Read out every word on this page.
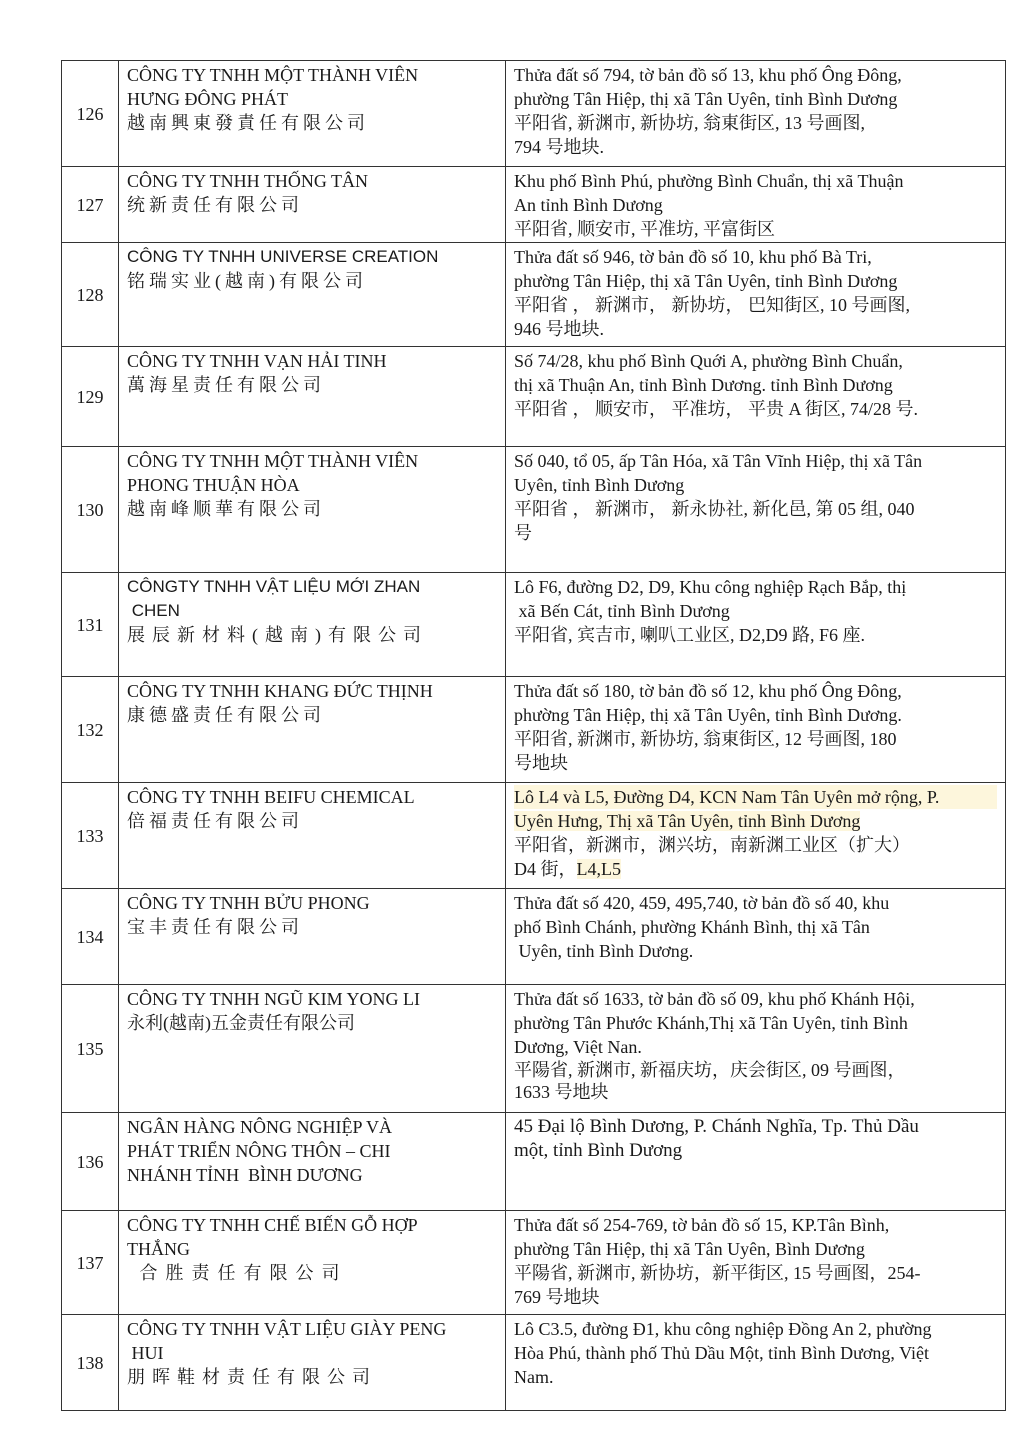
126	CÔNG TY TNHH MỘT THÀNH VIÊN
HƯNG ĐÔNG PHÁT
越南興東發責任有限公司	Thửa đất số 794, tờ bản đồ số 13, khu phố Ông Đông,
phường Tân Hiệp, thị xã Tân Uyên, tỉnh Bình Dương
平阳省, 新渊市, 新协坊, 翁東街区, 13 号画图,
794 号地块.

127	CÔNG TY TNHH THỐNG TÂN
统新责任有限公司	Khu phố Bình Phú, phường Bình Chuẩn, thị xã Thuận
An tỉnh Bình Dương
平阳省, 顺安市, 平准坊, 平富街区

128	CÔNG TY TNHH UNIVERSE CREATION
铭瑞实业(越南)有限公司	Thửa đất số 946, tờ bản đồ số 10, khu phố Bà Tri,
phường Tân Hiệp, thị xã Tân Uyên, tỉnh Bình Dương
平阳省 ， 新渊市， 新协坊， 巴知街区, 10 号画图,
946 号地块.

129	CÔNG TY TNHH VẠN HẢI TINH
萬海星责任有限公司	Số 74/28, khu phố Bình Quới A, phường Bình Chuẩn,
thị xã Thuận An, tỉnh Bình Dương. tỉnh Bình Dương
平阳省 ， 顺安市， 平准坊， 平贵 A 街区, 74/28 号.

130	CÔNG TY TNHH MỘT THÀNH VIÊN
PHONG THUẬN HÒA
越南峰顺華有限公司	Số 040, tổ 05, ấp Tân Hóa, xã Tân Vĩnh Hiệp, thị xã Tân
Uyên, tỉnh Bình Dương
平阳省 ， 新渊市， 新永协社, 新化邑, 第 05 组, 040
号

131	CÔNGTY TNHH VẬT LIỆU MỚI ZHAN
CHEN
展辰新材料(越南)有限公司	Lô F6, đường D2, D9, Khu công nghiệp Rạch Bắp, thị
xã Bến Cát, tỉnh Bình Dương
平阳省, 宾吉市, 喇叭工业区, D2,D9 路, F6 座.

132	CÔNG TY TNHH KHANG ĐỨC THỊNH
康德盛责任有限公司	Thửa đất số 180, tờ bản đồ số 12, khu phố Ông Đông,
phường Tân Hiệp, thị xã Tân Uyên, tỉnh Bình Dương.
平阳省, 新渊市, 新协坊, 翁東街区, 12 号画图, 180
号地块

133	CÔNG TY TNHH BEIFU CHEMICAL
倍福责任有限公司	Lô L4 và L5, Đường D4, KCN Nam Tân Uyên mở rộng, P.
Uyên Hưng, Thị xã Tân Uyên, tỉnh Bình Dương
平阳省，新渊市，渊兴坊，南新渊工业区（扩大）
D4 街，L4,L5

134	CÔNG TY TNHH BỬU PHONG
宝丰责任有限公司	Thửa đất số 420, 459, 495,740, tờ bản đồ số 40, khu
phố Bình Chánh, phường Khánh Bình, thị xã Tân
Uyên, tỉnh Bình Dương.

135	CÔNG TY TNHH NGŨ KIM YONG LI
永利(越南)五金责任有限公司	Thửa đất số 1633, tờ bản đồ số 09, khu phố Khánh Hội,
phường Tân Phước Khánh,Thị xã Tân Uyên, tỉnh Bình
Dương, Việt Nan.
平陽省, 新渊市, 新福庆坊，庆会街区, 09 号画图，
1633 号地块

136	NGÂN HÀNG NÔNG NGHIỆP VÀ
PHÁT TRIỂN NÔNG THÔN – CHI
NHÁNH TỈNH  BÌNH DƯƠNG	45 Đại lộ Bình Dương, P. Chánh Nghĩa, Tp. Thủ Dầu
một, tỉnh Bình Dương

137	CÔNG TY TNHH CHẾ BIẾN GỖ HỢP
THẮNG
合胜责任有限公司	Thửa đất số 254-769, tờ bản đồ số 15, KP.Tân Bình,
phường Tân Hiệp, thị xã Tân Uyên, Bình Dương
平陽省, 新渊市, 新协坊，新平街区, 15 号画图，254-
769 号地块

138	CÔNG TY TNHH VẬT LIỆU GIÀY PENG
HUI
朋晖鞋材责任有限公司	Lô C3.5, đường Đ1, khu công nghiệp Đồng An 2, phường
Hòa Phú, thành phố Thủ Dầu Một, tỉnh Bình Dương, Việt
Nam.
